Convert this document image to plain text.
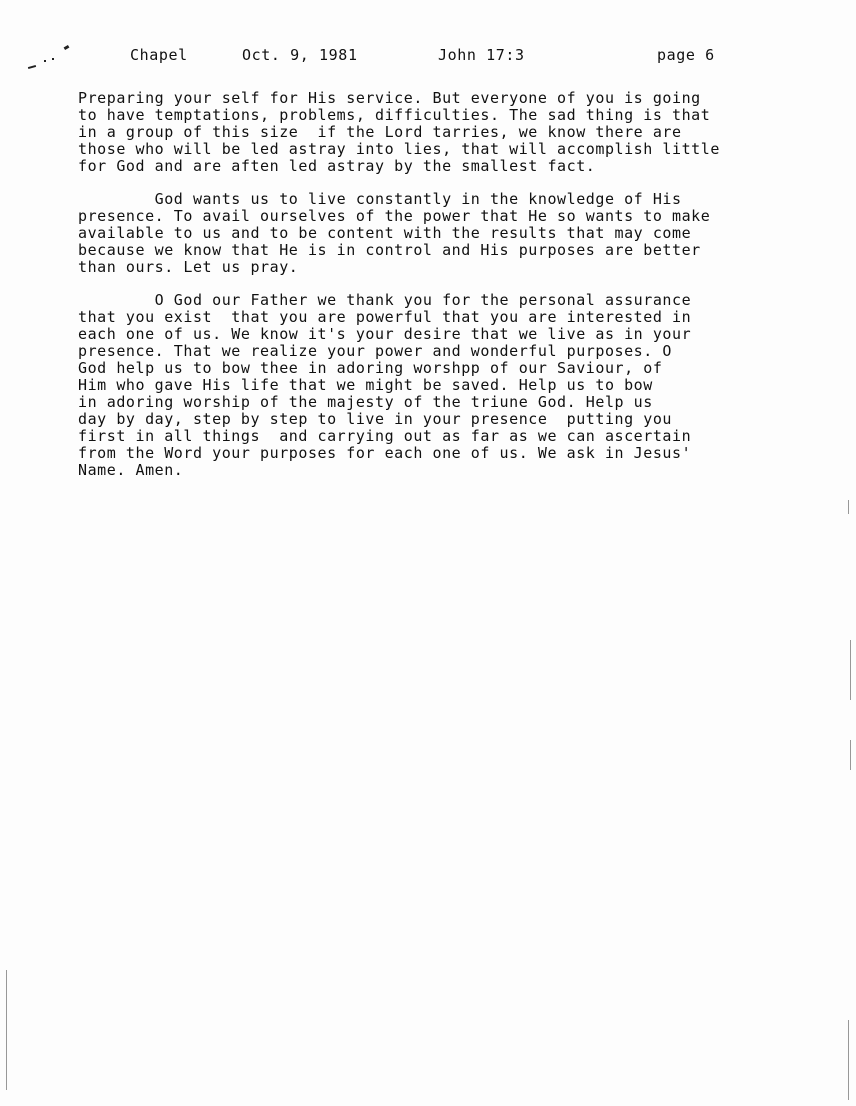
Chapel	Oct. 9, 1981	John 17:3	page 6
Preparing your self for His service. But everyone of you is going
to have temptations, problems, difficulties. The sad thing is that
in a group of this size  if the Lord tarries, we know there are
those who will be led astray into lies, that will accomplish little
for God and are aften led astray by the smallest fact.
God wants us to live constantly in the knowledge of His
presence. To avail ourselves of the power that He so wants to make
available to us and to be content with the results that may come
because we know that He is in control and His purposes are better
than ours. Let us pray.
O God our Father we thank you for the personal assurance
that you exist  that you are powerful that you are interested in
each one of us. We know it's your desire that we live as in your
presence. That we realize your power and wonderful purposes. O
God help us to bow thee in adoring worshpp of our Saviour, of
Him who gave His life that we might be saved. Help us to bow
in adoring worship of the majesty of the triune God. Help us
day by day, step by step to live in your presence  putting you
first in all things  and carrying out as far as we can ascertain
from the Word your purposes for each one of us. We ask in Jesus'
Name. Amen.
